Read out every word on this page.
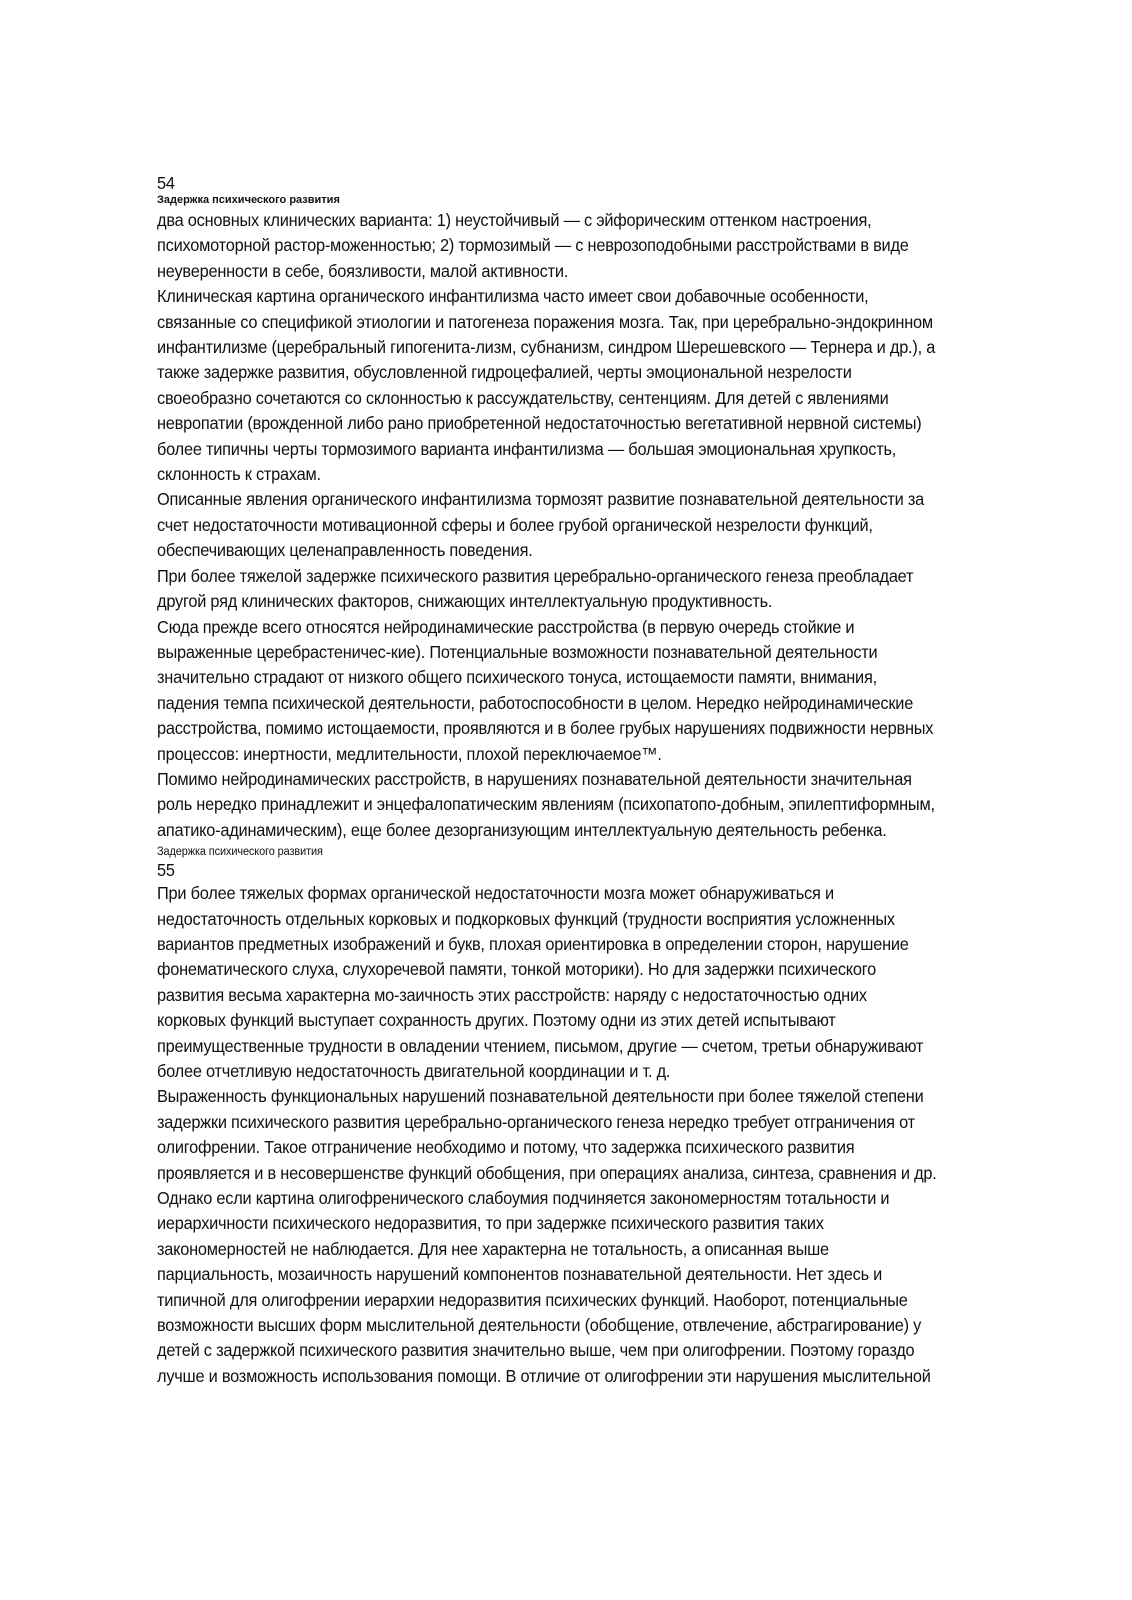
54
Задержка психического развития
два основных клинических варианта: 1) неустойчивый — с эйфорическим оттенком настроения,
психомоторной растор-моженностью; 2) тормозимый — с неврозоподобными расстройствами в виде
неуверенности в себе, боязливости, малой активности.
Клиническая картина органического инфантилизма часто имеет свои добавочные особенности,
связанные со спецификой этиологии и патогенеза поражения мозга. Так, при церебрально-эндокринном
инфантилизме (церебральный гипогенита-лизм, субнанизм, синдром Шерешевского — Тернера и др.), а
также задержке развития, обусловленной гидроцефалией, черты эмоциональной незрелости
своеобразно сочетаются со склонностью к рассуждательству, сентенциям. Для детей с явлениями
невропатии (врожденной либо рано приобретенной недостаточностью вегетативной нервной системы)
более типичны черты тормозимого варианта инфантилизма — большая эмоциональная хрупкость,
склонность к страхам.
Описанные явления органического инфантилизма тормозят развитие познавательной деятельности за
счет недостаточности мотивационной сферы и более грубой органической незрелости функций,
обеспечивающих целенаправленность поведения.
При более тяжелой задержке психического развития церебрально-органического генеза преобладает
другой ряд клинических факторов, снижающих интеллектуальную продуктивность.
Сюда прежде всего относятся нейродинамические расстройства (в первую очередь стойкие и
выраженные церебрастеничес-кие). Потенциальные возможности познавательной деятельности
значительно страдают от низкого общего психического тонуса, истощаемости памяти, внимания,
падения темпа психической деятельности, работоспособности в целом. Нередко нейродинамические
расстройства, помимо истощаемости, проявляются и в более грубых нарушениях подвижности нервных
процессов: инертности, медлительности, плохой переключаемое™.
Помимо нейродинамических расстройств, в нарушениях познавательной деятельности значительная
роль нередко принадлежит и энцефалопатическим явлениям (психопатопо-добным, эпилептиформным,
апатико-адинамическим), еще более дезорганизующим интеллектуальную деятельность ребенка.
Задержка психического развития
55
При более тяжелых формах органической недостаточности мозга может обнаруживаться и
недостаточность отдельных корковых и подкорковых функций (трудности восприятия усложненных
вариантов предметных изображений и букв, плохая ориентировка в определении сторон, нарушение
фонематического слуха, слухоречевой памяти, тонкой моторики). Но для задержки психического
развития весьма характерна мо-заичность этих расстройств: наряду с недостаточностью одних
корковых функций выступает сохранность других. Поэтому одни из этих детей испытывают
преимущественные трудности в овладении чтением, письмом, другие — счетом, третьи обнаруживают
более отчетливую недостаточность двигательной координации и т. д.
Выраженность функциональных нарушений познавательной деятельности при более тяжелой степени
задержки психического развития церебрально-органического генеза нередко требует отграничения от
олигофрении. Такое отграничение необходимо и потому, что задержка психического развития
проявляется и в несовершенстве функций обобщения, при операциях анализа, синтеза, сравнения и др.
Однако если картина олигофренического слабоумия подчиняется закономерностям тотальности и
иерархичности психического недоразвития, то при задержке психического развития таких
закономерностей не наблюдается. Для нее характерна не тотальность, а описанная выше
парциальность, мозаичность нарушений компонентов познавательной деятельности. Нет здесь и
типичной для олигофрении иерархии недоразвития психических функций. Наоборот, потенциальные
возможности высших форм мыслительной деятельности (обобщение, отвлечение, абстрагирование) у
детей с задержкой психического развития значительно выше, чем при олигофрении. Поэтому гораздо
лучше и возможность использования помощи. В отличие от олигофрении эти нарушения мыслительной
